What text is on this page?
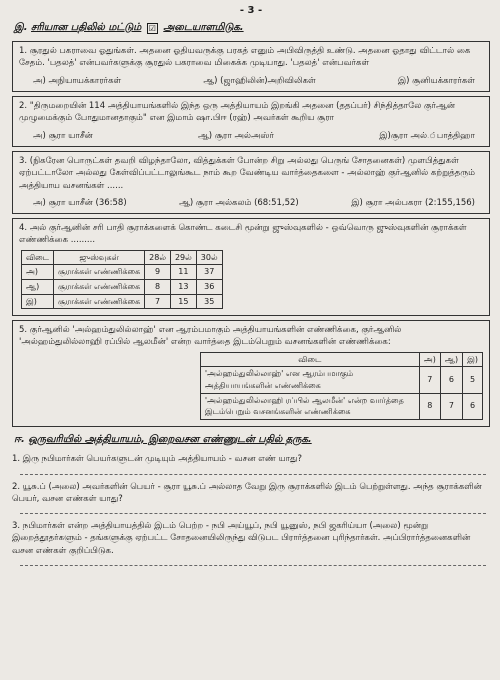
- 3 -
இ. சரியான பதிலில் மட்டும் ☑ அடையாளமிடுக.
1. சூரதுல் பகராவை ஓதுங்கள். அதனை ஓதியவருக்கு பரகத் எனும் அபிவிருத்தி உண்டு. அதனை ஓதாது விட்டால் கை சேதம். 'பதலத்' என்பவர்களுக்கு சூரதுல் பகராவை மிகைக்க முடியாது. 'பதலத்' என்பவர்கள்
அ) அநியாயக்காரர்கள்	ஆ) (ஜாஹிலின்)அறிவிலிகள்	இ) சூனியக்காரர்கள்
2. "திருமறையின் 114 அத்தியாயங்களில் இந்த ஒரு அத்தியாயம் இறங்கி அதனை (ததப்பர்) சிந்தித்தாலே குர்ஆன் முழுமைக்கும் போதுமானதாகும்" என இமாம் ஷா.பிஈ (ரஹ்) அவர்கள் கூறிய சூரா
அ) சூரா யாசீன்	ஆ) சூரா அல்அஸ்ர்	இ)சூரா அல்.்பாத்திஹா
3. (நிகரேன பொருட்கள் தவறி விழந்தாலோ, வித்துக்கள் போன்ற சிறு அல்லது பெருங் சோதனைகள்) முளபித்துகள் ஏற்பட்டாலோ அல்லது கேள்விப்பட்டாலுங்கூட நாம் கூற வேண்டிய வார்த்தைகளை - அல்லாஹ் குர்ஆனில் கற்றுத்தரும் அத்தியாய வசனங்கள் ......
அ) சூரா யாசீன் (36:58)	ஆ) சூரா அல்கலம் (68:51,52)	இ) சூரா அல்பகரா (2:155,156)
4. அல் குர்ஆனின் சரி பாதி சூராக்களைக் கொண்ட கடைசி மூன்று ஜுஸ்வுகளில் - ஒவ்வொரு ஜுஸ்வுகளின் சூராக்கள் எண்ணிக்கை .........
விடை	ஜுஸ்வுகள்	28ல்	29ல்	30ல்
அ)	சூராக்கள் எண்ணிக்கை	9	11	37
ஆ)	சூராக்கள் எண்ணிக்கை	8	13	36
இ)	சூராக்கள் எண்ணிக்கை	7	15	35
5. குர்ஆனில் 'அல்ஹம்துலில்லாஹ்' என ஆரம்பமாகும் அத்தியாயங்களின் எண்ணிக்கை, குர்ஆனில் 'அல்ஹம்துலில்லாஹி ரப்பில் ஆலமீன்' என்ற வார்த்தை இடம்பெறும் வசனங்களின் எண்ணிக்கை:
விடை	அ)	ஆ)	இ)
'அல்ஹம்துலில்லாஹ்' என ஆரம்பமாகும் அத்தியாயங்களின் எண்ணிக்கை	7	6	5
'அல்ஹம்துலில்லாஹி ரப்பில் ஆலமீன்' என்ற வார்த்தை இடம்பெறும் வசனங்களின் எண்ணிக்கை	8	7	6
ஈ. ஒருவரியில் அத்தியாயம், இறைவசன எண்ணுடன் பதில் தருக.
1. இரு நபிமார்கள் பெயர்களுடன் முடியும் அத்தியாயம் - வசன எண் யாது?
2. யூசு.ப் (அலை) அவர்களின் பெயர் - சூரா யூசு.ப் அல்லாத வேறு இரு சூராக்களில் இடம் பெற்றுள்ளது. அந்த சூராக்களின் பெயர், வசன எண்கள் யாது?
3. நபிமார்கள் என்ற அத்தியாயத்தில் இடம் பெற்ற - நபி அய்யூப், நபி யூனுஸ், நபி ஜகரிய்யா (அலை) மூன்று இறைத்தூதர்களும் - தங்களுக்கு ஏற்பட்ட சோதனையிலிருந்து விடுபட பிரார்த்தனை புரிந்தார்கள். அப்பிரார்த்தனைகளின் வசன எண்கள் குறிப்பிடுக.
